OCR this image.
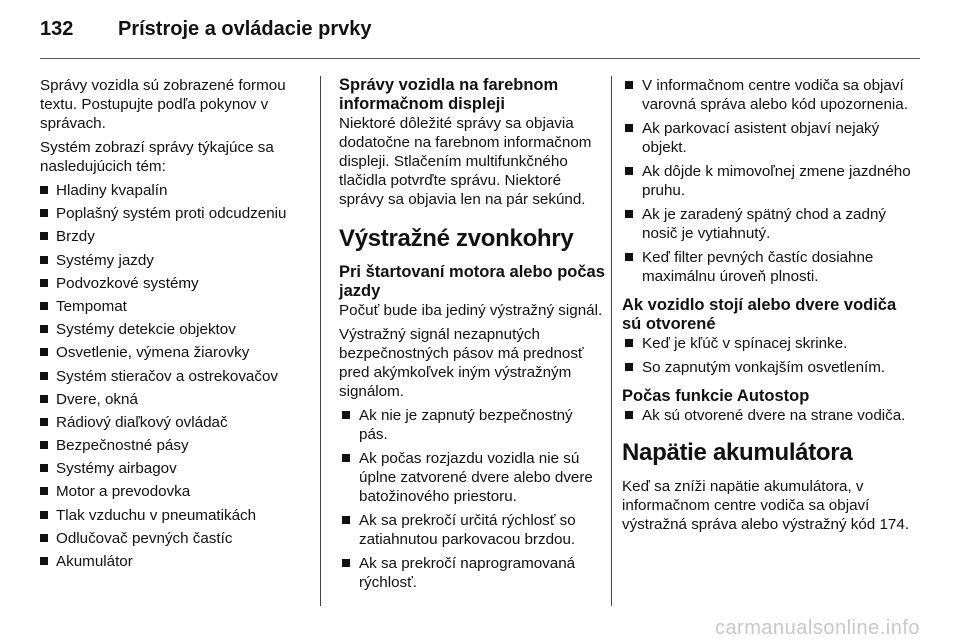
132	Prístroje a ovládacie prvky

Správy vozidla sú zobrazené formou textu. Postupujte podľa pokynov v správach.

Systém zobrazí správy týkajúce sa nasledujúcich tém:

Hladiny kvapalín
Poplašný systém proti odcudzeniu
Brzdy
Systémy jazdy
Podvozkové systémy
Tempomat
Systémy detekcie objektov
Osvetlenie, výmena žiarovky
Systém stieračov a ostrekovačov
Dvere, okná
Rádiový diaľkový ovládač
Bezpečnostné pásy
Systémy airbagov
Motor a prevodovka
Tlak vzduchu v pneumatikách
Odlučovač pevných častíc
Akumulátor
Správy vozidla na farebnom informačnom displeji

Niektoré dôležité správy sa objavia dodatočne na farebnom informačnom displeji. Stlačením multifunkčného tlačidla potvrďte správu. Niektoré správy sa objavia len na pár sekúnd.

Výstražné zvonkohry
Pri štartovaní motora alebo počas jazdy

Počuť bude iba jediný výstražný signál.

Výstražný signál nezapnutých bezpečnostných pásov má prednosť pred akýmkoľvek iným výstražným signálom.

Ak nie je zapnutý bezpečnostný pás.
Ak počas rozjazdu vozidla nie sú úplne zatvorené dvere alebo dvere batožinového priestoru.
Ak sa prekročí určitá rýchlosť so zatiahnutou parkovacou brzdou.
Ak sa prekročí naprogramovaná rýchlosť.
V informačnom centre vodiča sa objaví varovná správa alebo kód upozornenia.
Ak parkovací asistent objaví nejaký objekt.
Ak dôjde k mimovoľnej zmene jazdného pruhu.
Ak je zaradený spätný chod a zadný nosič je vytiahnutý.
Keď filter pevných častíc dosiahne maximálnu úroveň plnosti.
Ak vozidlo stojí alebo dvere vodiča sú otvorené
Keď je kľúč v spínacej skrinke.
So zapnutým vonkajším osvetlením.
Počas funkcie Autostop
Ak sú otvorené dvere na strane vodiča.
Napätie akumulátora

Keď sa zníži napätie akumulátora, v informačnom centre vodiča sa objaví výstražná správa alebo výstražný kód 174.

carmanualsonline.info
